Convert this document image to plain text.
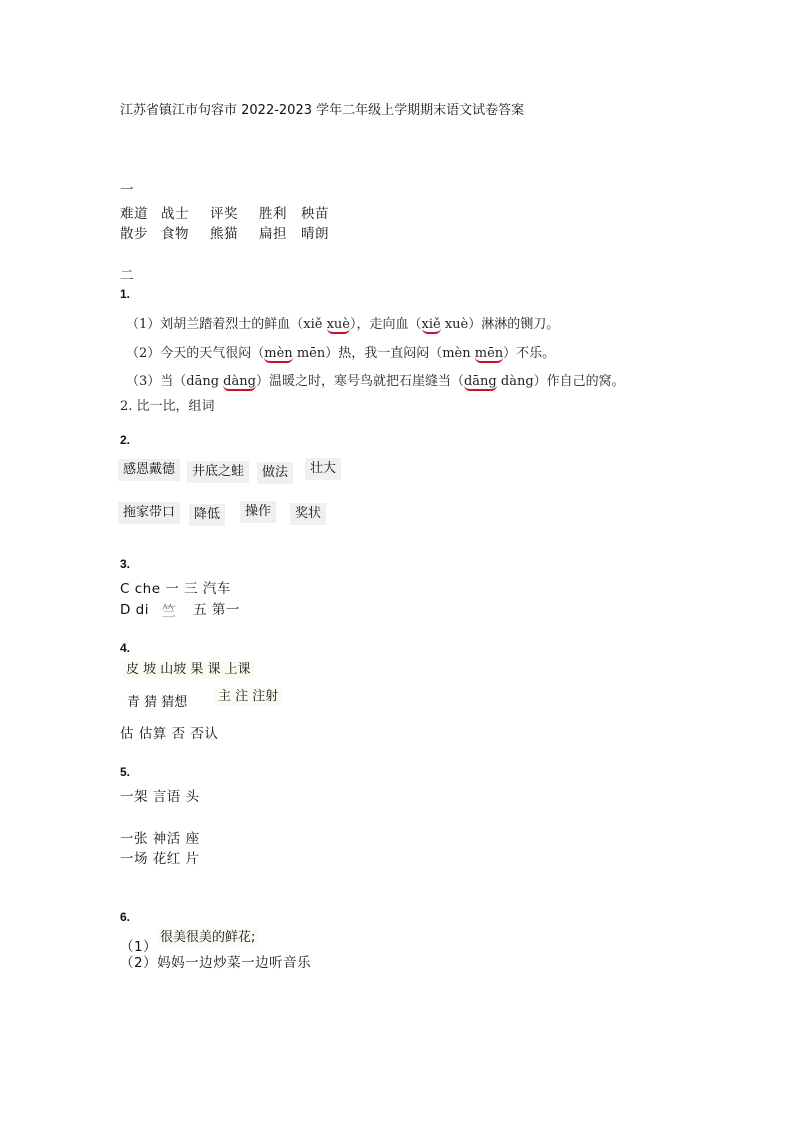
江苏省镇江市句容市 2022-2023 学年二年级上学期期末语文试卷答案
一
难道 战士 评奖 胜利 秧苗
散步 食物 熊猫 扁担 晴朗
二
1.
（1）刘胡兰踏着烈士的鲜血（xiě xuè），走向血（xiě xuè）淋淋的铡刀。
（2）今天的天气很闷（mèn mēn）热，我一直闷闷（mèn mēn）不乐。
（3）当（dāng dàng）温暖之时，寒号鸟就把石崖缝当（dāng dàng）作自己的窝。
2. 比一比，组词
2.
感恩戴德	井底之蛙	做法	壮大
拖家带口	降低	操作	奖状
3.
C che 一 三 汽车
D di 竺 五 第一
4.
皮 坡 山坡 果 课 上课
青 猜 猜想 主 注 注射
估 估算 否 否认
5.
一架 言语 头
一张 神活 座
一场 花红 片
6.
（1）
很美很美的鲜花;
（2）妈妈一边炒菜一边听音乐
